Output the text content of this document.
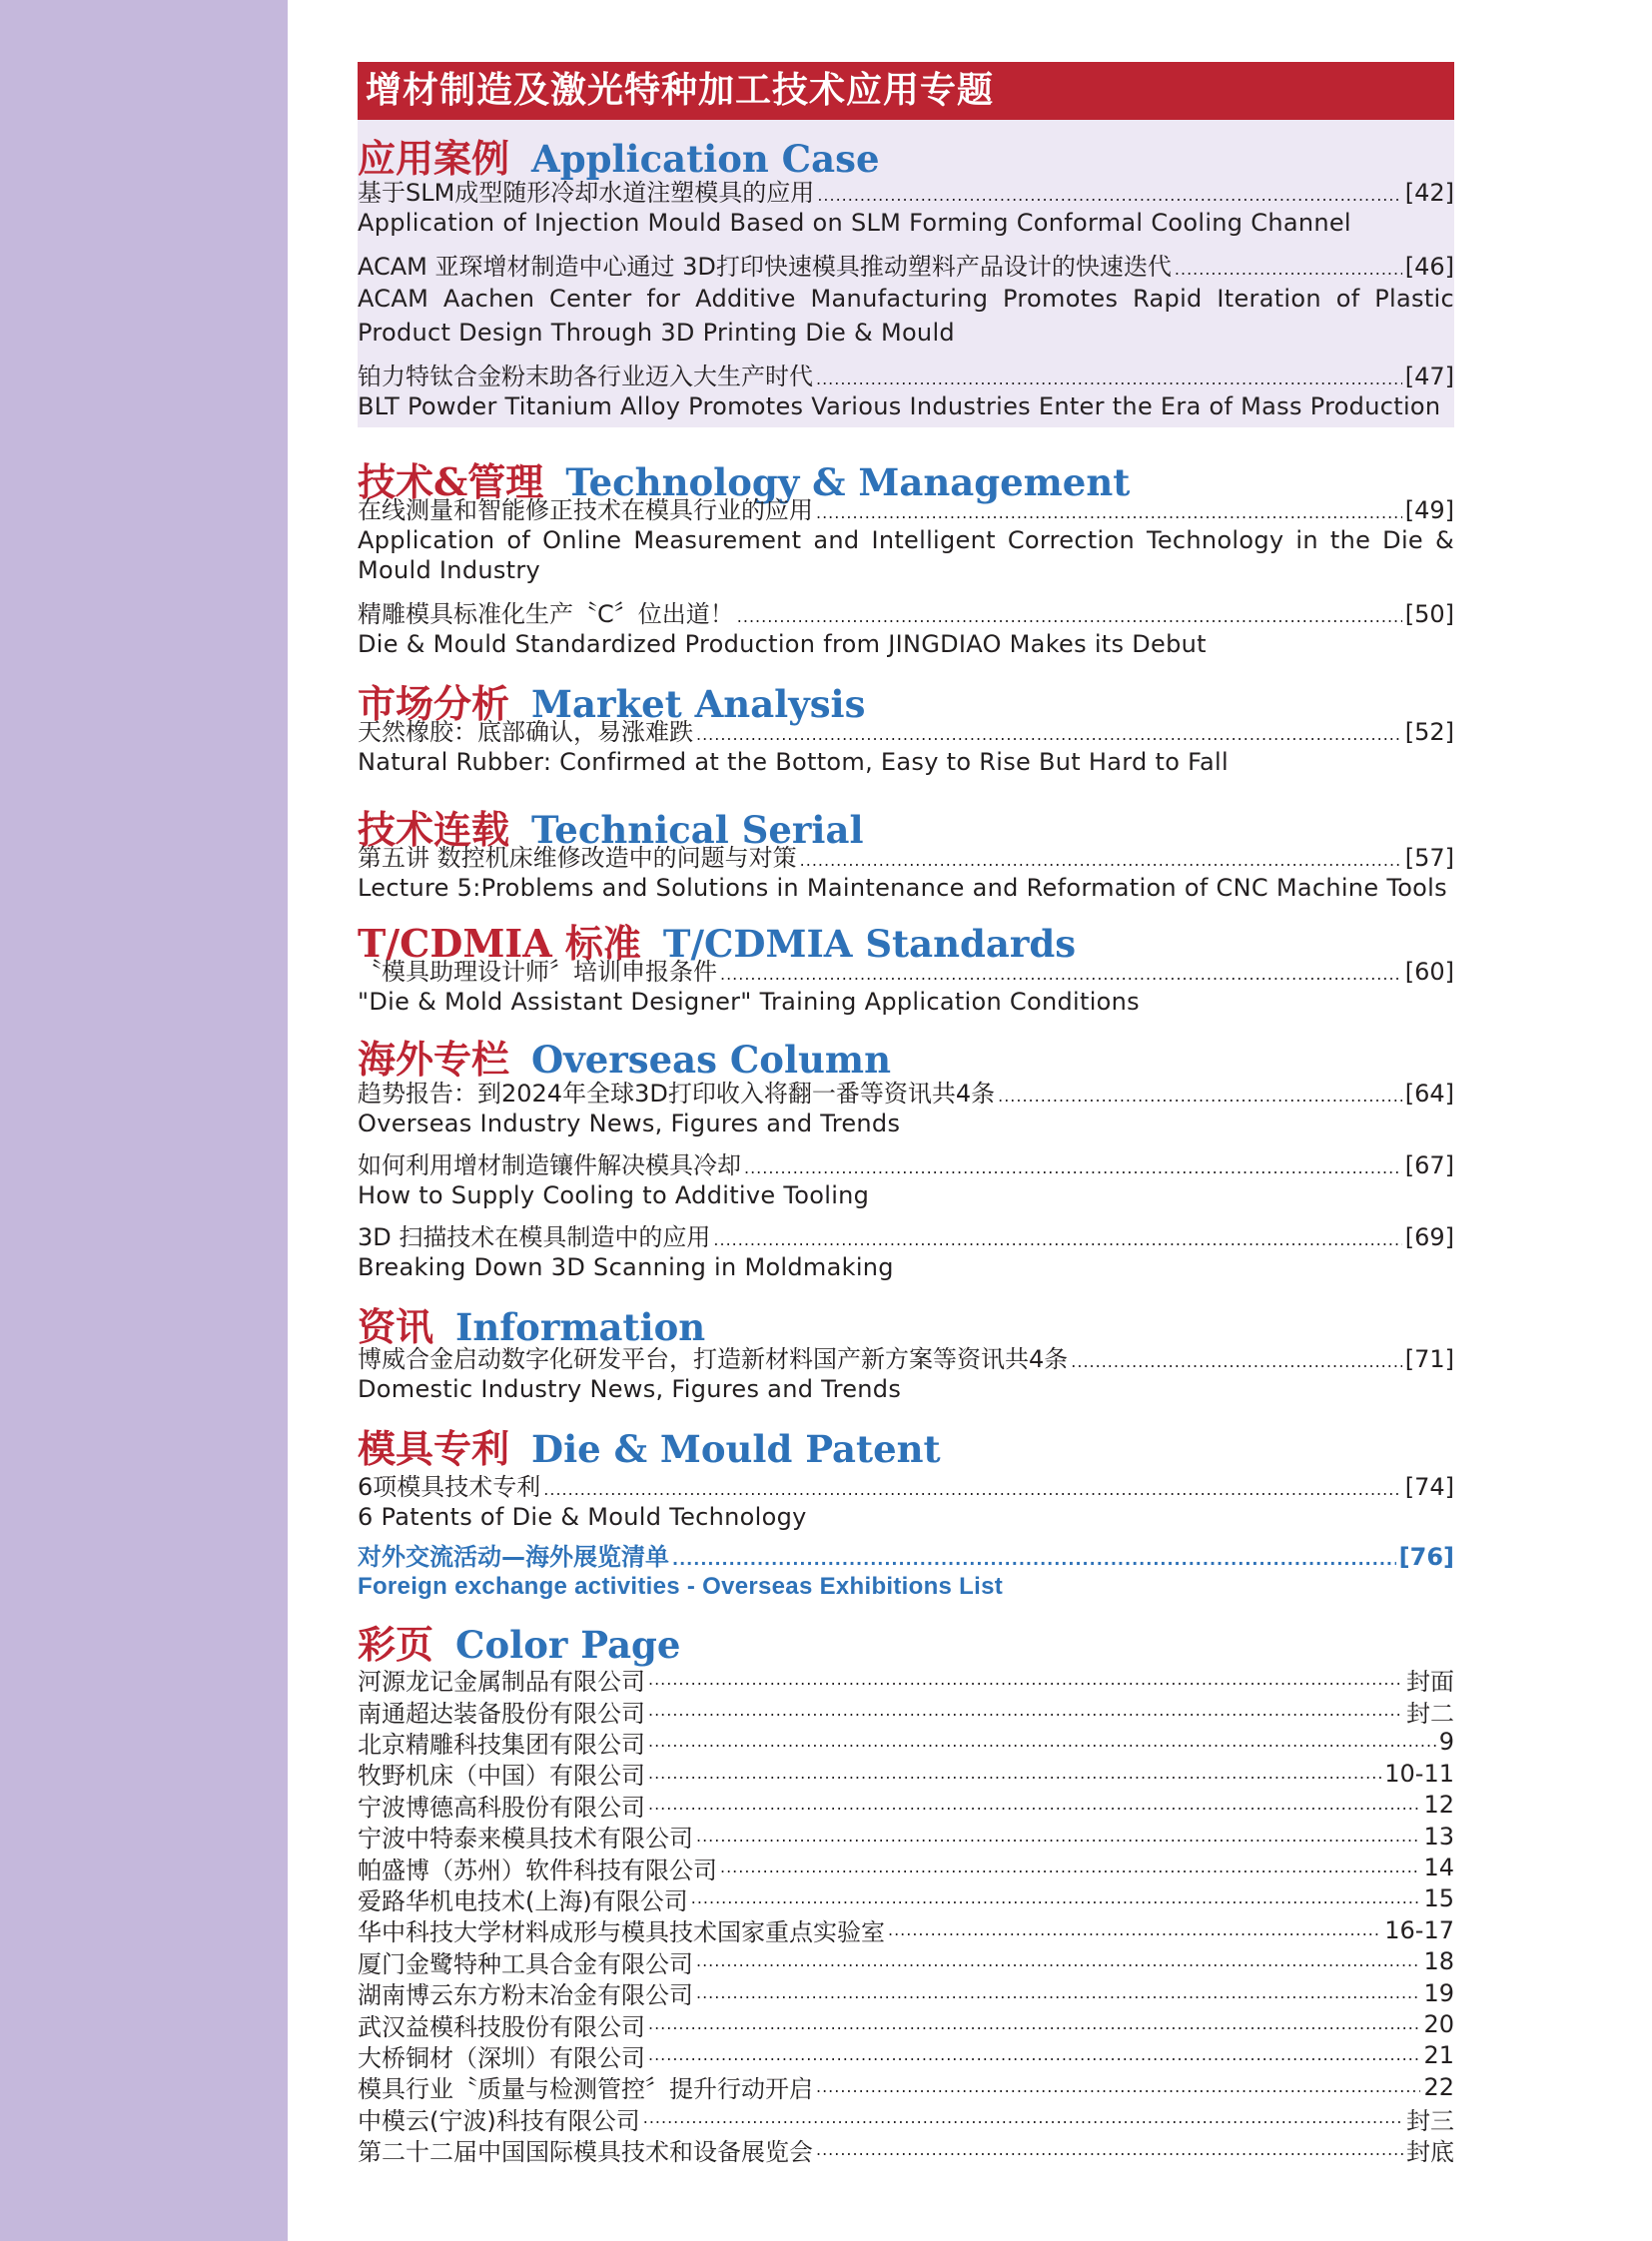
增材制造及激光特种加工技术应用专题
应用案例 Application Case
基于SLM成型随形冷却水道注塑模具的应用 .....	[42]
Application of Injection Mould Based on SLM Forming Conformal Cooling Channel
ACAM 亚琛增材制造中心通过 3D打印快速模具推动塑料产品设计的快速迭代 .....	[46]
ACAM Aachen Center for Additive Manufacturing Promotes Rapid Iteration of Plastic Product Design Through 3D Printing Die & Mould
铂力特钛合金粉末助各行业迈入大生产时代 .....	[47]
BLT Powder Titanium Alloy Promotes Various Industries Enter the Era of Mass Production
技术&管理 Technology & Management
在线测量和智能修正技术在模具行业的应用 .....	[49]
Application of Online Measurement and Intelligent Correction Technology in the Die & Mould Industry
精雕模具标准化生产〝C〞位出道！ .....	[50]
Die & Mould Standardized Production from JINGDIAO Makes its Debut
市场分析 Market Analysis
天然橡胶：底部确认，易涨难跌 .....	[52]
Natural Rubber: Confirmed at the Bottom, Easy to Rise But Hard to Fall
技术连载 Technical Serial
第五讲 数控机床维修改造中的问题与对策 .....	[57]
Lecture 5:Problems and Solutions in Maintenance and Reformation of CNC Machine Tools
T/CDMIA 标准 T/CDMIA Standards
〝模具助理设计师〞培训申报条件 .....	[60]
"Die & Mold Assistant Designer" Training Application Conditions
海外专栏 Overseas Column
趋势报告：到2024年全球3D打印收入将翻一番等资讯共4条 .....	[64]
Overseas Industry News, Figures and Trends
如何利用增材制造镶件解决模具冷却 .....	[67]
How to Supply Cooling to Additive Tooling
3D 扫描技术在模具制造中的应用 .....	[69]
Breaking Down 3D Scanning in Moldmaking
资讯 Information
博威合金启动数字化研发平台，打造新材料国产新方案等资讯共4条 .....	[71]
Domestic Industry News, Figures and Trends
模具专利 Die & Mould Patent
6项模具技术专利 .....	[74]
6 Patents of Die & Mould Technology
对外交流活动—海外展览清单 .....	[76]
Foreign exchange activities - Overseas Exhibitions List
彩页 Color Page
河源龙记金属制品有限公司 .....	封面
南通超达装备股份有限公司 .....	封二
北京精雕科技集团有限公司 .....	9
牧野机床（中国）有限公司 .....	10-11
宁波博德高科股份有限公司 .....	12
宁波中特泰来模具技术有限公司 .....	13
帕盛博（苏州）软件科技有限公司 .....	14
爱路华机电技术(上海)有限公司 .....	15
华中科技大学材料成形与模具技术国家重点实验室 .....	16-17
厦门金鹭特种工具合金有限公司 .....	18
湖南博云东方粉末冶金有限公司 .....	19
武汉益模科技股份有限公司 .....	20
大桥铜材（深圳）有限公司 .....	21
模具行业〝质量与检测管控〞提升行动开启 .....	22
中模云(宁波)科技有限公司 .....	封三
第二十二届中国国际模具技术和设备展览会 .....	封底
